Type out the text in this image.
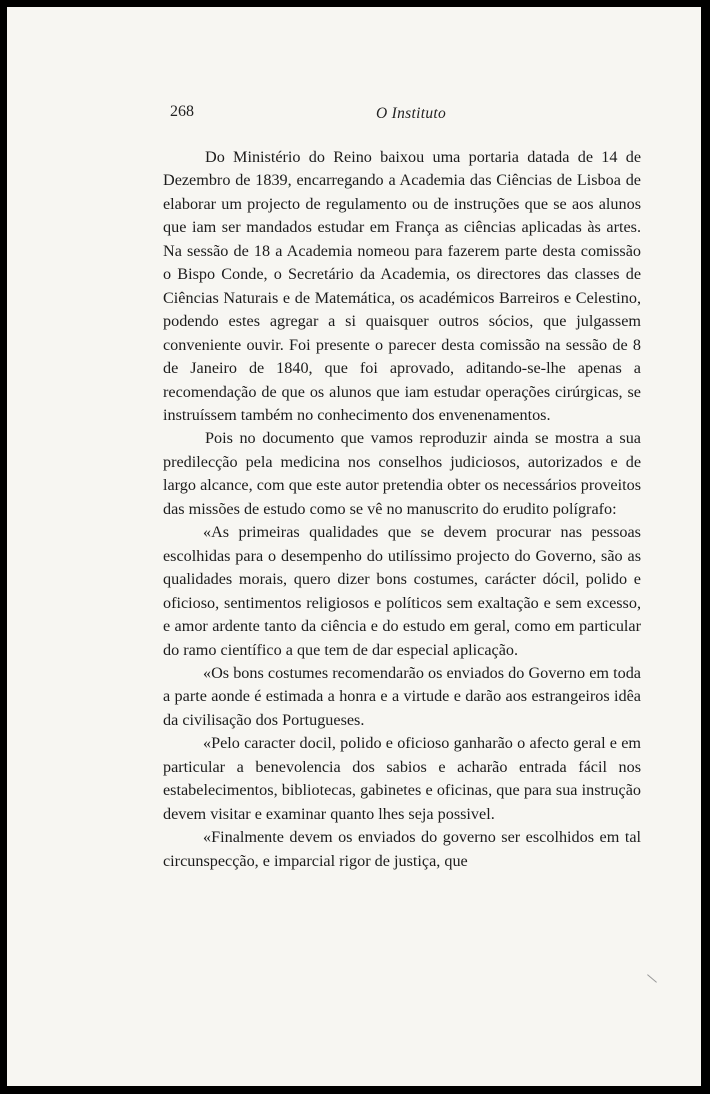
268	O Instituto

Do Ministério do Reino baixou uma portaria datada de 14 de Dezembro de 1839, encarregando a Academia das Ciências de Lisboa de elaborar um projecto de regulamento ou de instruções que se aos alunos que iam ser mandados estudar em França as ciências aplicadas às artes. Na sessão de 18 a Academia nomeou para fazerem parte desta comissão o Bispo Conde, o Secretário da Academia, os directores das classes de Ciências Naturais e de Matemática, os académicos Barreiros e Celestino, podendo estes agregar a si quaisquer outros sócios, que julgassem conveniente ouvir. Foi presente o parecer desta comissão na sessão de 8 de Janeiro de 1840, que foi aprovado, aditando-se-lhe apenas a recomendação de que os alunos que iam estudar operações cirúrgicas, se instruíssem também no conhecimento dos envenenamentos.

Pois no documento que vamos reproduzir ainda se mostra a sua predilecção pela medicina nos conselhos judiciosos, autorizados e de largo alcance, com que este autor pretendia obter os necessários proveitos das missões de estudo como se vê no manuscrito do erudito polígrafo:

«As primeiras qualidades que se devem procurar nas pessoas escolhidas para o desempenho do utilíssimo projecto do Governo, são as qualidades morais, quero dizer bons costumes, carácter dócil, polido e oficioso, sentimentos religiosos e políticos sem exaltação e sem excesso, e amor ardente tanto da ciência e do estudo em geral, como em particular do ramo científico a que tem de dar especial aplicação.

«Os bons costumes recomendarão os enviados do Governo em toda a parte aonde é estimada a honra e a virtude e darão aos estrangeiros idêa da civilisação dos Portugueses.

«Pelo caracter docil, polido e oficioso ganharão o afecto geral e em particular a benevolencia dos sabios e acharão entrada fácil nos estabelecimentos, bibliotecas, gabinetes e oficinas, que para sua instrução devem visitar e examinar quanto lhes seja possivel.

«Finalmente devem os enviados do governo ser escolhidos em tal circunspecção, e imparcial rigor de justiça, que
